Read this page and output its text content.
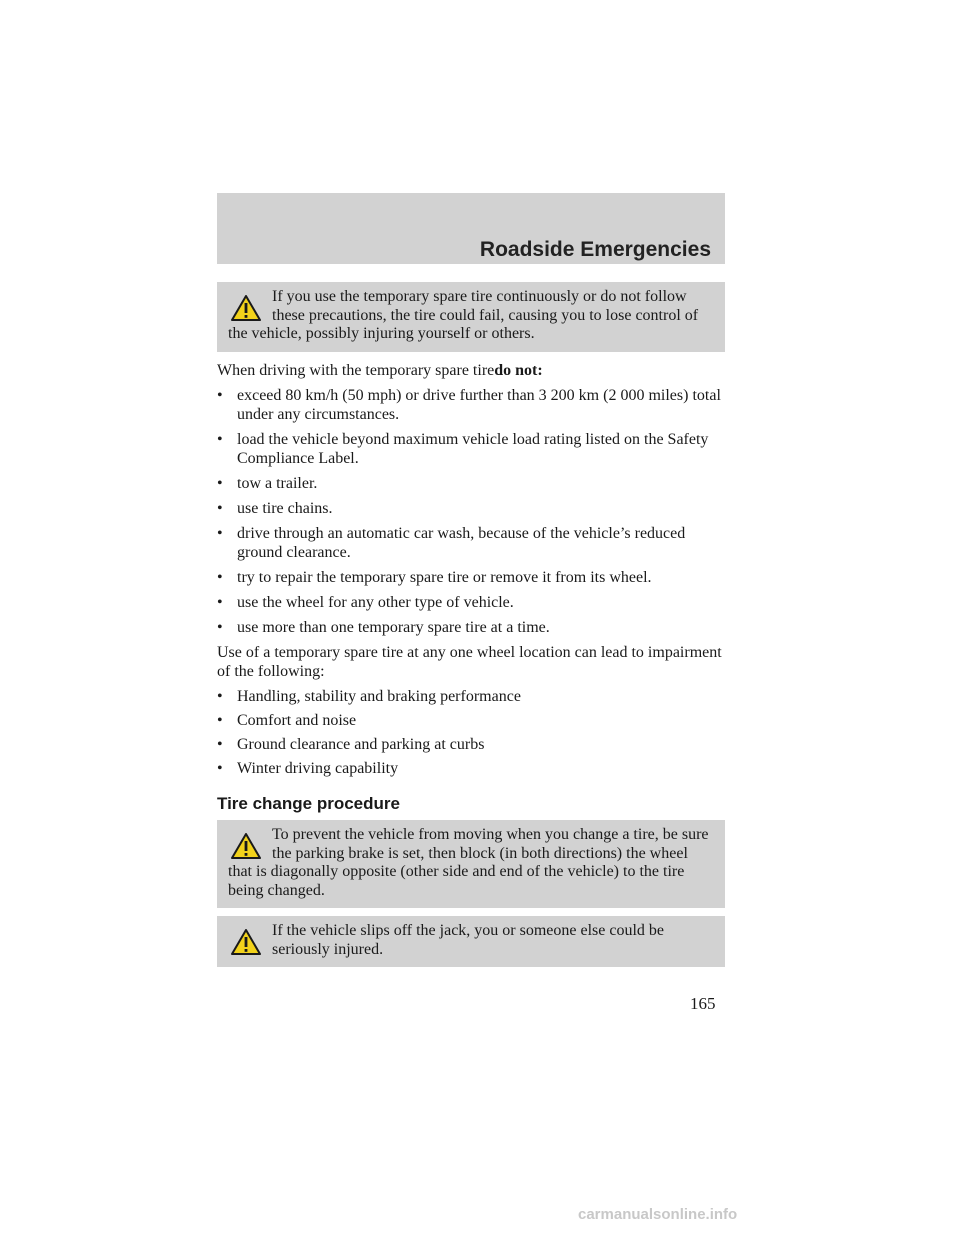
Roadside Emergencies
If you use the temporary spare tire continuously or do not follow these precautions, the tire could fail, causing you to lose control of the vehicle, possibly injuring yourself or others.

When driving with the temporary spare tiredo not:

• exceed 80 km/h (50 mph) or drive further than 3 200 km (2 000 miles) total under any circumstances.
• load the vehicle beyond maximum vehicle load rating listed on the Safety Compliance Label.
• tow a trailer.
• use tire chains.
• drive through an automatic car wash, because of the vehicle’s reduced ground clearance.
• try to repair the temporary spare tire or remove it from its wheel.
• use the wheel for any other type of vehicle.
• use more than one temporary spare tire at a time.

Use of a temporary spare tire at any one wheel location can lead to impairment of the following:

• Handling, stability and braking performance
• Comfort and noise
• Ground clearance and parking at curbs
• Winter driving capability
Tire change procedure
To prevent the vehicle from moving when you change a tire, be sure the parking brake is set, then block (in both directions) the wheel that is diagonally opposite (other side and end of the vehicle) to the tire being changed.
If the vehicle slips off the jack, you or someone else could be seriously injured.
165
carmanualsonline.info
